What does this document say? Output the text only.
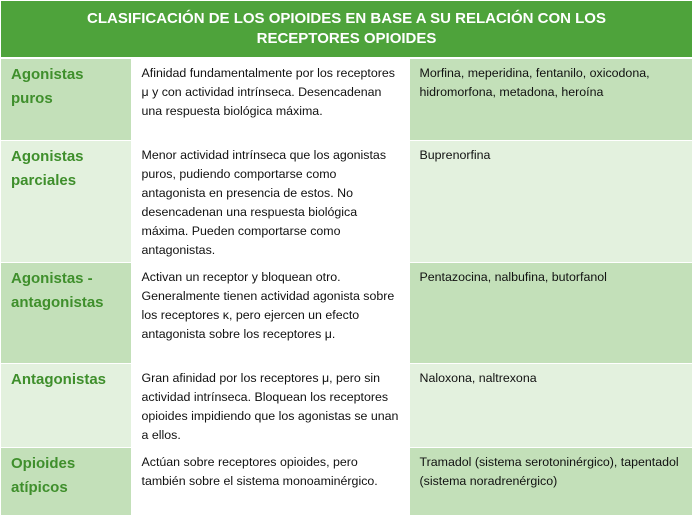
CLASIFICACIÓN DE LOS OPIOIDES EN BASE A SU RELACIÓN CON LOS RECEPTORES OPIOIDES		
Agonistas puros	Afinidad fundamentalmente por los receptores μ y con actividad intrínseca. Desencadenan una respuesta biológica máxima.	Morfina, meperidina, fentanilo, oxicodona, hidromorfona, metadona, heroína
Agonistas parciales	Menor actividad intrínseca que los agonistas puros, pudiendo comportarse como antagonista en presencia de estos. No desencadenan una respuesta biológica máxima. Pueden comportarse como antagonistas.	Buprenorfina
Agonistas - antagonistas	Activan un receptor y bloquean otro. Generalmente tienen actividad agonista sobre los receptores κ, pero ejercen un efecto antagonista sobre los receptores μ.	Pentazocina, nalbufina, butorfanol
Antagonistas	Gran afinidad por los receptores μ, pero sin actividad intrínseca. Bloquean los receptores opioides impidiendo que los agonistas se unan a ellos.	Naloxona, naltrexona
Opioides atípicos	Actúan sobre receptores opioides, pero también sobre el sistema monoaminérgico.	Tramadol (sistema serotoninérgico), tapentadol (sistema noradrenérgico)
